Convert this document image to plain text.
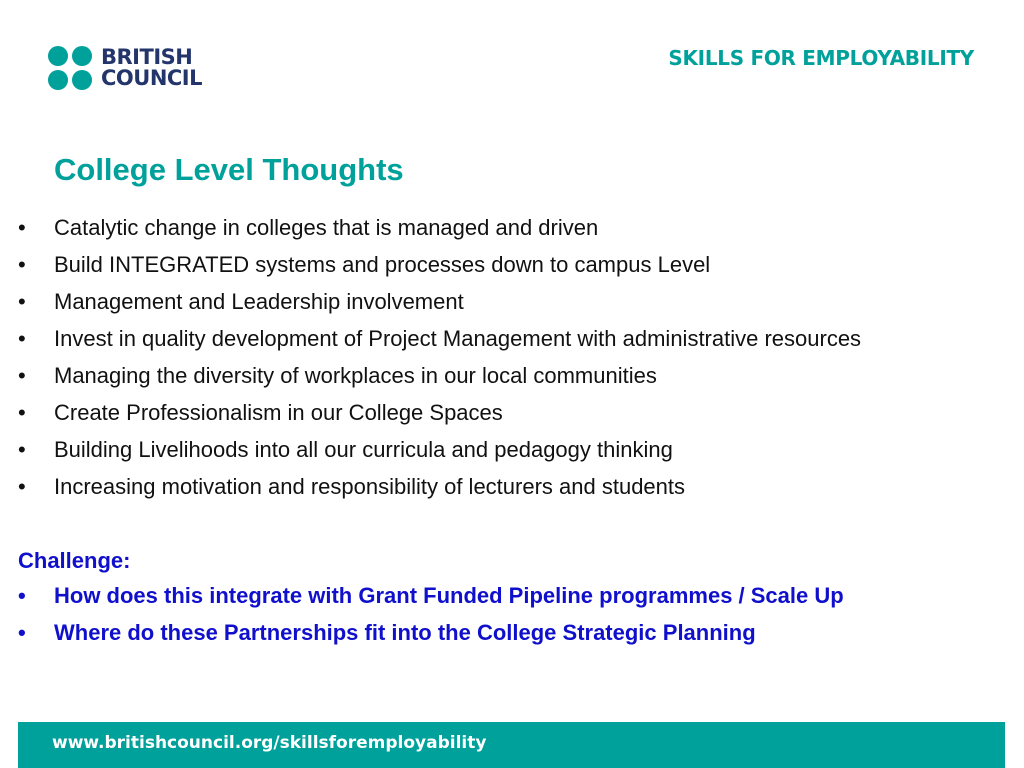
BRITISH
COUNCIL
SKILLS FOR EMPLOYABILITY
College Level Thoughts
• Catalytic change in colleges that is managed and driven
• Build INTEGRATED systems and processes down to campus Level
• Management and Leadership involvement
• Invest in quality development of Project Management with administrative resources
• Managing the diversity of workplaces in our local communities
• Create Professionalism in our College Spaces
• Building Livelihoods into all our curricula and pedagogy thinking
• Increasing motivation and responsibility of lecturers and students
Challenge:
• How does this integrate with Grant Funded Pipeline programmes / Scale Up
• Where do these Partnerships fit into the College Strategic Planning
www.britishcouncil.org/skillsforemployability
